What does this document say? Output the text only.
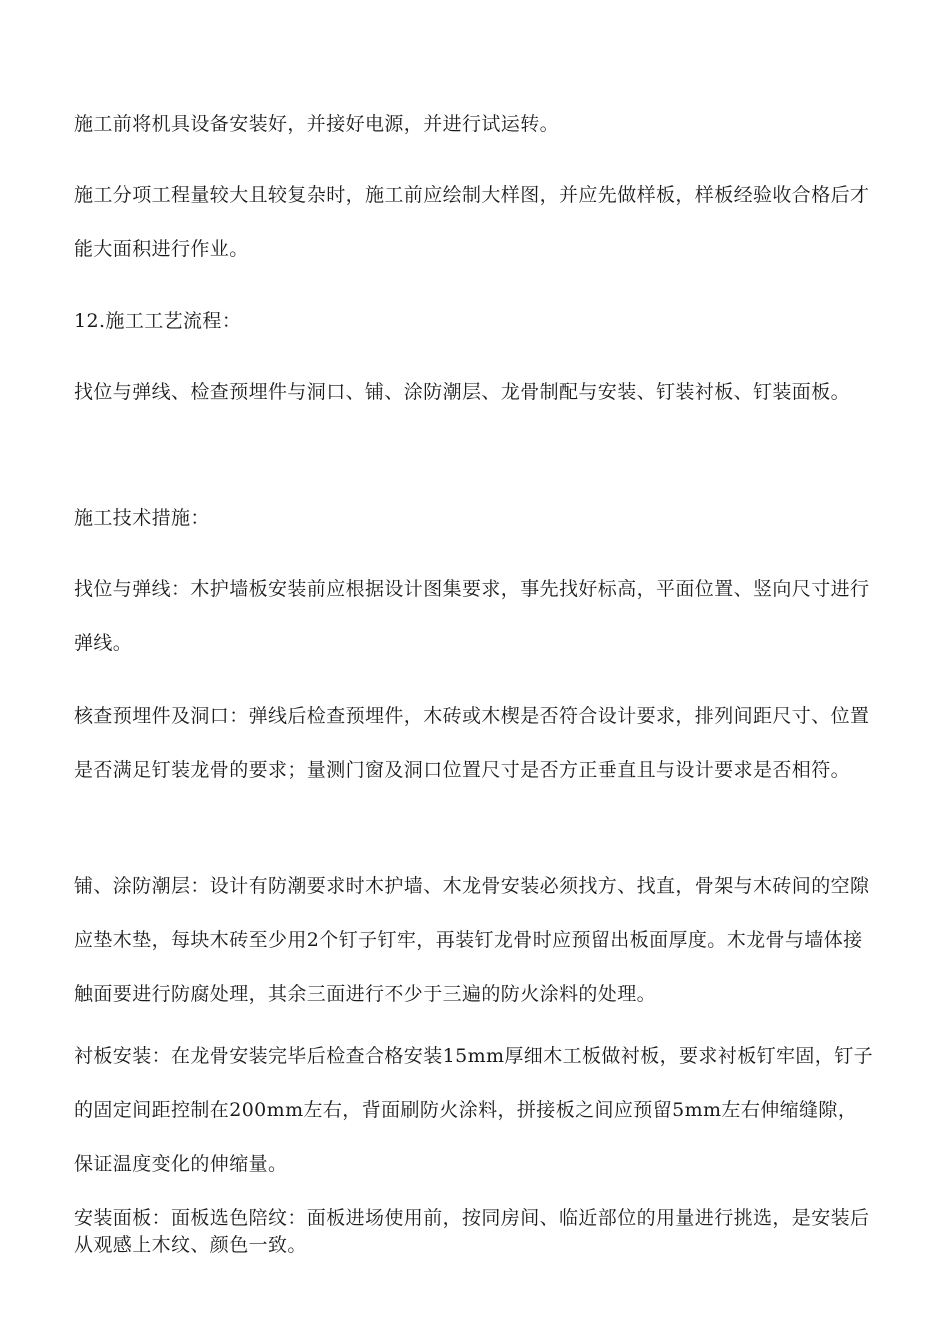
施工前将机具设备安装好，并接好电源，并进行试运转。

施工分项工程量较大且较复杂时，施工前应绘制大样图，并应先做样板，样板经验收合格后才能大面积进行作业。

12.施工工艺流程：

找位与弹线、检查预埋件与洞口、铺、涂防潮层、龙骨制配与安装、钉装衬板、钉装面板。

施工技术措施：

找位与弹线：木护墙板安装前应根据设计图集要求，事先找好标高，平面位置、竖向尺寸进行弹线。

核查预埋件及洞口：弹线后检查预埋件，木砖或木楔是否符合设计要求，排列间距尺寸、位置是否满足钉装龙骨的要求；量测门窗及洞口位置尺寸是否方正垂直且与设计要求是否相符。

铺、涂防潮层：设计有防潮要求时木护墙、木龙骨安装必须找方、找直，骨架与木砖间的空隙应垫木垫，每块木砖至少用2个钉子钉牢，再装钉龙骨时应预留出板面厚度。木龙骨与墙体接触面要进行防腐处理，其余三面进行不少于三遍的防火涂料的处理。

衬板安装：在龙骨安装完毕后检查合格安装15mm厚细木工板做衬板，要求衬板钉牢固，钉子的固定间距控制在200mm左右，背面刷防火涂料，拼接板之间应预留5mm左右伸缩缝隙，保证温度变化的伸缩量。

安装面板：面板选色陪纹：面板进场使用前，按同房间、临近部位的用量进行挑选，是安装后从观感上木纹、颜色一致。
